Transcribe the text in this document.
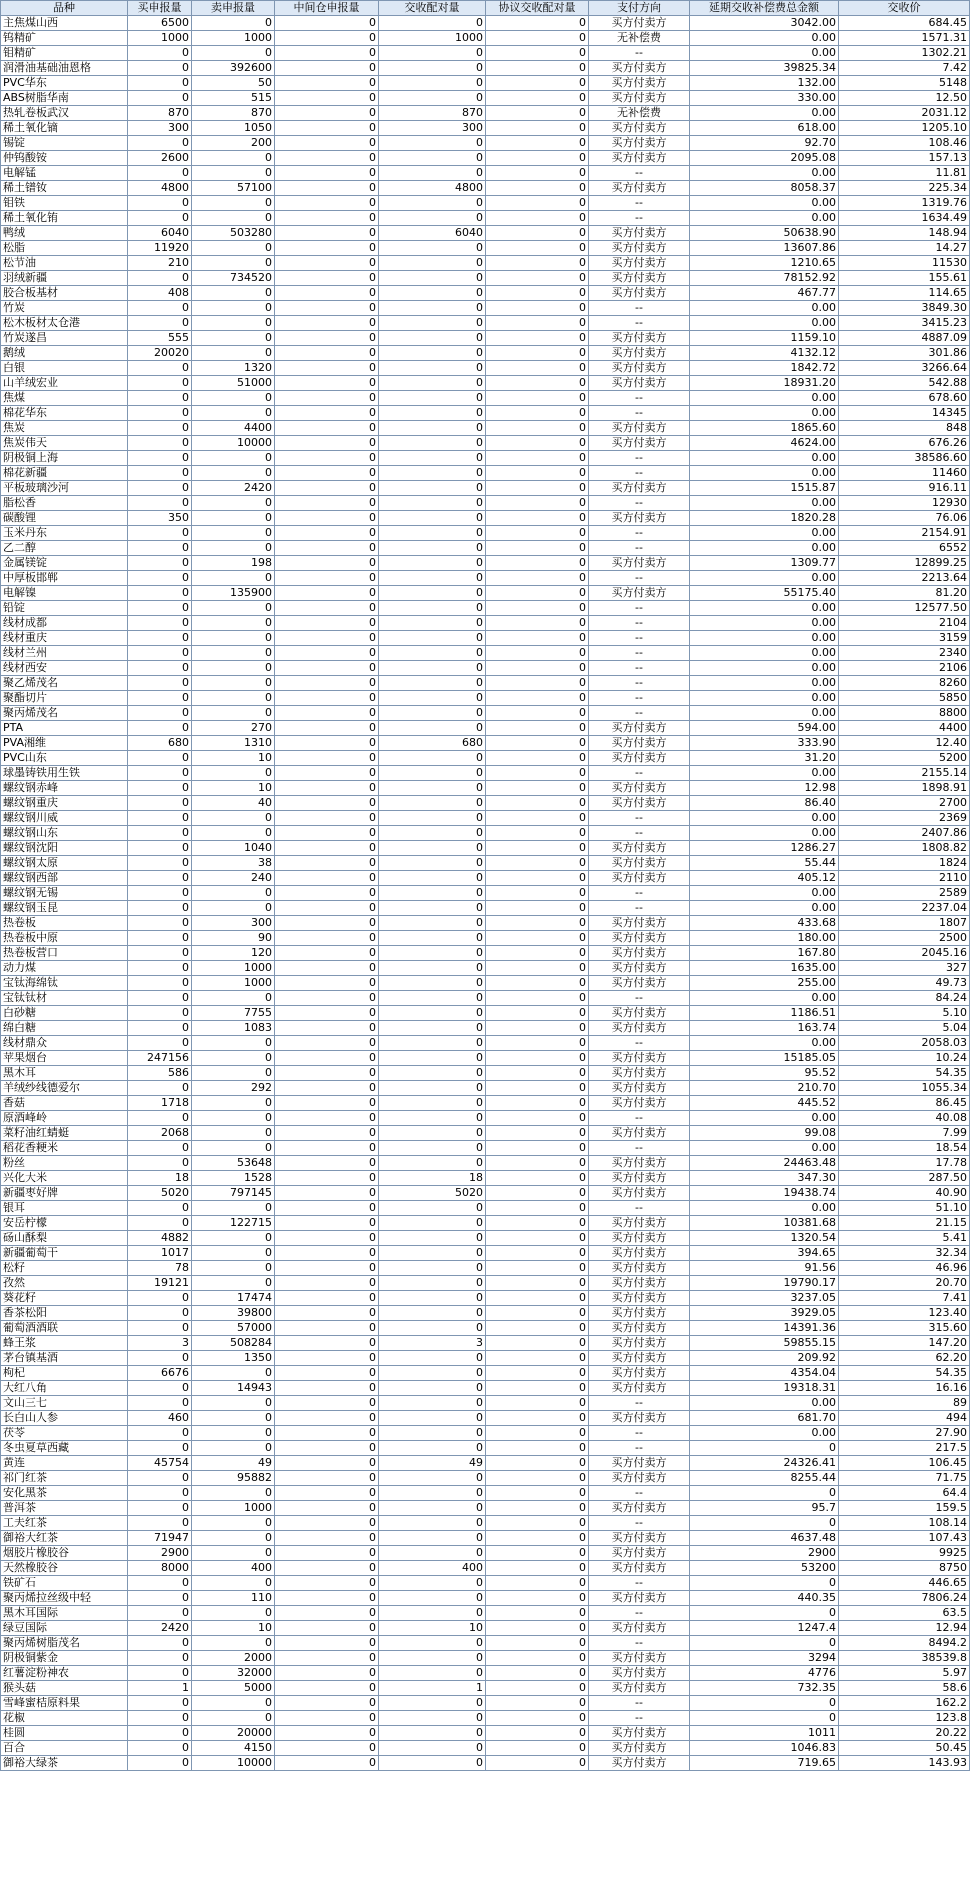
品种	买申报量	卖申报量	中间仓申报量	交收配对量	协议交收配对量	支付方向	延期交收补偿费总金额	交收价
主焦煤山西	6500	0	0	0	0	买方付卖方	3042.00	684.45
钨精矿	1000	1000	0	1000	0	无补偿费	0.00	1571.31
钼精矿	0	0	0	0	0	--	0.00	1302.21
润滑油基础油恩格	0	392600	0	0	0	买方付卖方	39825.34	7.42
PVC华东	0	50	0	0	0	买方付卖方	132.00	5148
ABS树脂华南	0	515	0	0	0	买方付卖方	330.00	12.50
热轧卷板武汉	870	870	0	870	0	无补偿费	0.00	2031.12
稀土氧化镝	300	1050	0	300	0	买方付卖方	618.00	1205.10
锡锭	0	200	0	0	0	买方付卖方	92.70	108.46
仲钨酸铵	2600	0	0	0	0	买方付卖方	2095.08	157.13
电解锰	0	0	0	0	0	--	0.00	11.81
稀土镨钕	4800	57100	0	4800	0	买方付卖方	8058.37	225.34
钼铁	0	0	0	0	0	--	0.00	1319.76
稀土氧化铕	0	0	0	0	0	--	0.00	1634.49
鸭绒	6040	503280	0	6040	0	买方付卖方	50638.90	148.94
松脂	11920	0	0	0	0	买方付卖方	13607.86	14.27
松节油	210	0	0	0	0	买方付卖方	1210.65	11530
羽绒新疆	0	734520	0	0	0	买方付卖方	78152.92	155.61
胶合板基材	408	0	0	0	0	买方付卖方	467.77	114.65
竹炭	0	0	0	0	0	--	0.00	3849.30
松木板材太仓港	0	0	0	0	0	--	0.00	3415.23
竹炭遂昌	555	0	0	0	0	买方付卖方	1159.10	4887.09
鹅绒	20020	0	0	0	0	买方付卖方	4132.12	301.86
白银	0	1320	0	0	0	买方付卖方	1842.72	3266.64
山羊绒宏业	0	51000	0	0	0	买方付卖方	18931.20	542.88
焦煤	0	0	0	0	0	--	0.00	678.60
棉花华东	0	0	0	0	0	--	0.00	14345
焦炭	0	4400	0	0	0	买方付卖方	1865.60	848
焦炭伟天	0	10000	0	0	0	买方付卖方	4624.00	676.26
阴极铜上海	0	0	0	0	0	--	0.00	38586.60
棉花新疆	0	0	0	0	0	--	0.00	11460
平板玻璃沙河	0	2420	0	0	0	买方付卖方	1515.87	916.11
脂松香	0	0	0	0	0	--	0.00	12930
碳酸锂	350	0	0	0	0	买方付卖方	1820.28	76.06
玉米丹东	0	0	0	0	0	--	0.00	2154.91
乙二醇	0	0	0	0	0	--	0.00	6552
金属镁锭	0	198	0	0	0	买方付卖方	1309.77	12899.25
中厚板邯郸	0	0	0	0	0	--	0.00	2213.64
电解镍	0	135900	0	0	0	买方付卖方	55175.40	81.20
铅锭	0	0	0	0	0	--	0.00	12577.50
线材成都	0	0	0	0	0	--	0.00	2104
线材重庆	0	0	0	0	0	--	0.00	3159
线材兰州	0	0	0	0	0	--	0.00	2340
线材西安	0	0	0	0	0	--	0.00	2106
聚乙烯茂名	0	0	0	0	0	--	0.00	8260
聚酯切片	0	0	0	0	0	--	0.00	5850
聚丙烯茂名	0	0	0	0	0	--	0.00	8800
PTA	0	270	0	0	0	买方付卖方	594.00	4400
PVA湘维	680	1310	0	680	0	买方付卖方	333.90	12.40
PVC山东	0	10	0	0	0	买方付卖方	31.20	5200
球墨铸铁用生铁	0	0	0	0	0	--	0.00	2155.14
螺纹钢赤峰	0	10	0	0	0	买方付卖方	12.98	1898.91
螺纹钢重庆	0	40	0	0	0	买方付卖方	86.40	2700
螺纹钢川威	0	0	0	0	0	--	0.00	2369
螺纹钢山东	0	0	0	0	0	--	0.00	2407.86
螺纹钢沈阳	0	1040	0	0	0	买方付卖方	1286.27	1808.82
螺纹钢太原	0	38	0	0	0	买方付卖方	55.44	1824
螺纹钢西部	0	240	0	0	0	买方付卖方	405.12	2110
螺纹钢无锡	0	0	0	0	0	--	0.00	2589
螺纹钢玉昆	0	0	0	0	0	--	0.00	2237.04
热卷板	0	300	0	0	0	买方付卖方	433.68	1807
热卷板中原	0	90	0	0	0	买方付卖方	180.00	2500
热卷板营口	0	120	0	0	0	买方付卖方	167.80	2045.16
动力煤	0	1000	0	0	0	买方付卖方	1635.00	327
宝钛海绵钛	0	1000	0	0	0	买方付卖方	255.00	49.73
宝钛钛材	0	0	0	0	0	--	0.00	84.24
白砂糖	0	7755	0	0	0	买方付卖方	1186.51	5.10
绵白糖	0	1083	0	0	0	买方付卖方	163.74	5.04
线材鼎众	0	0	0	0	0	--	0.00	2058.03
苹果烟台	247156	0	0	0	0	买方付卖方	15185.05	10.24
黑木耳	586	0	0	0	0	买方付卖方	95.52	54.35
羊绒纱线德爱尔	0	292	0	0	0	买方付卖方	210.70	1055.34
香菇	1718	0	0	0	0	买方付卖方	445.52	86.45
原酒峰岭	0	0	0	0	0	--	0.00	40.08
菜籽油红蜻蜓	2068	0	0	0	0	买方付卖方	99.08	7.99
稻花香粳米	0	0	0	0	0	--	0.00	18.54
粉丝	0	53648	0	0	0	买方付卖方	24463.48	17.78
兴化大米	18	1528	0	18	0	买方付卖方	347.30	287.50
新疆枣好牌	5020	797145	0	5020	0	买方付卖方	19438.74	40.90
银耳	0	0	0	0	0	--	0.00	51.10
安岳柠檬	0	122715	0	0	0	买方付卖方	10381.68	21.15
砀山酥梨	4882	0	0	0	0	买方付卖方	1320.54	5.41
新疆葡萄干	1017	0	0	0	0	买方付卖方	394.65	32.34
松籽	78	0	0	0	0	买方付卖方	91.56	46.96
孜然	19121	0	0	0	0	买方付卖方	19790.17	20.70
葵花籽	0	17474	0	0	0	买方付卖方	3237.05	7.41
香茶松阳	0	39800	0	0	0	买方付卖方	3929.05	123.40
葡萄酒酒联	0	57000	0	0	0	买方付卖方	14391.36	315.60
蜂王浆	3	508284	0	3	0	买方付卖方	59855.15	147.20
茅台镇基酒	0	1350	0	0	0	买方付卖方	209.92	62.20
枸杞	6676	0	0	0	0	买方付卖方	4354.04	54.35
大红八角	0	14943	0	0	0	买方付卖方	19318.31	16.16
文山三七	0	0	0	0	0	--	0.00	89
长白山人参	460	0	0	0	0	买方付卖方	681.70	494
茯苓	0	0	0	0	0	--	0.00	27.90
冬虫夏草西藏	0	0	0	0	0	--	0	217.5
黄连	45754	49	0	49	0	买方付卖方	24326.41	106.45
祁门红茶	0	95882	0	0	0	买方付卖方	8255.44	71.75
安化黑茶	0	0	0	0	0	--	0	64.4
普洱茶	0	1000	0	0	0	买方付卖方	95.7	159.5
工夫红茶	0	0	0	0	0	--	0	108.14
御裕大红茶	71947	0	0	0	0	买方付卖方	4637.48	107.43
烟胶片橡胶谷	2900	0	0	0	0	买方付卖方	2900	9925
天然橡胶谷	8000	400	0	400	0	买方付卖方	53200	8750
铁矿石	0	0	0	0	0	--	0	446.65
聚丙烯拉丝级中轻	0	110	0	0	0	买方付卖方	440.35	7806.24
黑木耳国际	0	0	0	0	0	--	0	63.5
绿豆国际	2420	10	0	10	0	买方付卖方	1247.4	12.94
聚丙烯树脂茂名	0	0	0	0	0	--	0	8494.2
阴极铜紫金	0	2000	0	0	0	买方付卖方	3294	38539.8
红薯淀粉神农	0	32000	0	0	0	买方付卖方	4776	5.97
猴头菇	1	5000	0	1	0	买方付卖方	732.35	58.6
雪峰蜜桔原料果	0	0	0	0	0	--	0	162.2
花椒	0	0	0	0	0	--	0	123.8
桂圆	0	20000	0	0	0	买方付卖方	1011	20.22
百合	0	4150	0	0	0	买方付卖方	1046.83	50.45
御裕大绿茶	0	10000	0	0	0	买方付卖方	719.65	143.93
